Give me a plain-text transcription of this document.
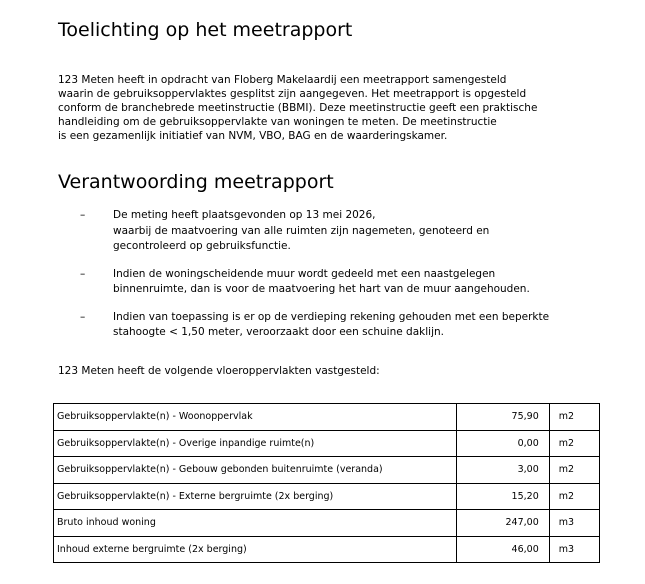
Toelichting op het meetrapport
123 Meten heeft in opdracht van Floberg Makelaardij een meetrapport samengesteld
waarin de gebruiksoppervlaktes gesplitst zijn aangegeven. Het meetrapport is opgesteld
conform de branchebrede meetinstructie (BBMI). Deze meetinstructie geeft een praktische
handleiding om de gebruiksoppervlakte van woningen te meten. De meetinstructie
is een gezamenlijk initiatief van NVM, VBO, BAG en de waarderingskamer.
Verantwoording meetrapport
–	De meting heeft plaatsgevonden op 13 mei 2026,
waarbij de maatvoering van alle ruimten zijn nagemeten, genoteerd en
gecontroleerd op gebruiksfunctie.
–	Indien de woningscheidende muur wordt gedeeld met een naastgelegen
binnenruimte, dan is voor de maatvoering het hart van de muur aangehouden.
–	Indien van toepassing is er op de verdieping rekening gehouden met een beperkte
stahoogte < 1,50 meter, veroorzaakt door een schuine daklijn.
123 Meten heeft de volgende vloeroppervlakten vastgesteld:
Gebruiksoppervlakte(n) - Woonoppervlak	75,90	m2
Gebruiksoppervlakte(n) - Overige inpandige ruimte(n)	0,00	m2
Gebruiksoppervlakte(n) - Gebouw gebonden buitenruimte (veranda)	3,00	m2
Gebruiksoppervlakte(n) - Externe bergruimte (2x berging)	15,20	m2
Bruto inhoud woning	247,00	m3
Inhoud externe bergruimte (2x berging)	46,00	m3
